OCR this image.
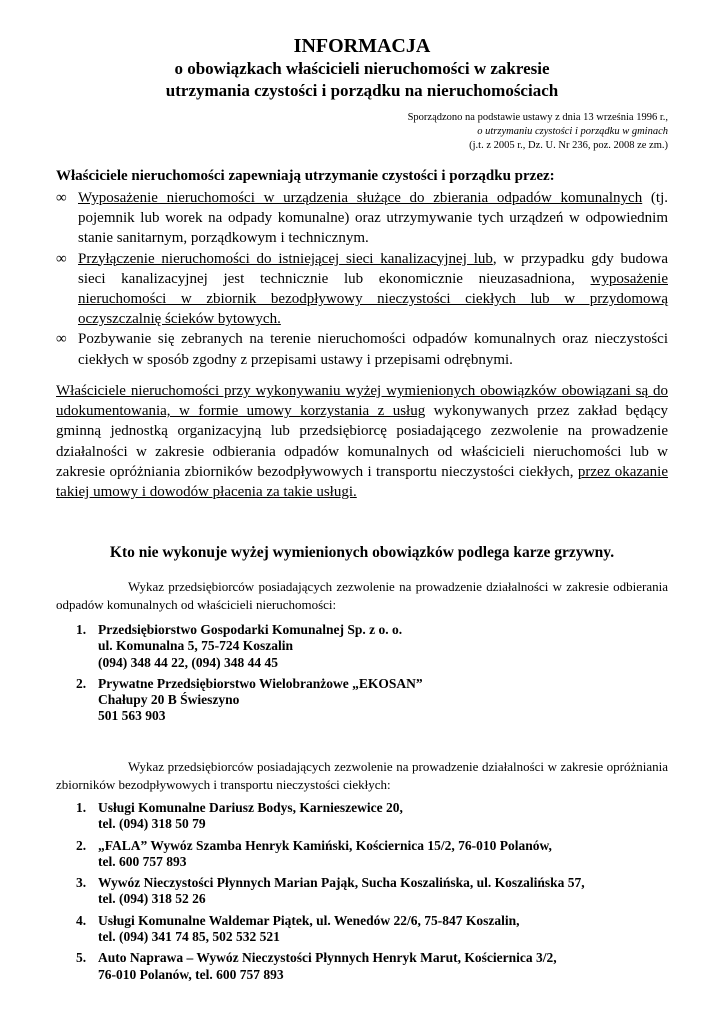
INFORMACJA
o obowiązkach właścicieli nieruchomości w zakresie
utrzymania czystości i porządku na nieruchomościach
Sporządzono na podstawie ustawy z dnia 13 września 1996 r.,
o utrzymaniu czystości i porządku w gminach
(j.t. z 2005 r., Dz. U. Nr 236, poz. 2008 ze zm.)
Właściciele nieruchomości zapewniają utrzymanie czystości i porządku przez:
∞ Wyposażenie nieruchomości w urządzenia służące do zbierania odpadów komunalnych (tj. pojemnik lub worek na odpady komunalne) oraz utrzymywanie tych urządzeń w odpowiednim stanie sanitarnym, porządkowym i technicznym.
∞ Przyłączenie nieruchomości do istniejącej sieci kanalizacyjnej lub, w przypadku gdy budowa sieci kanalizacyjnej jest technicznie lub ekonomicznie nieuzasadniona, wyposażenie nieruchomości w zbiornik bezodpływowy nieczystości ciekłych lub w przydomową oczyszczalnię ścieków bytowych.
∞ Pozbywanie się zebranych na terenie nieruchomości odpadów komunalnych oraz nieczystości ciekłych w sposób zgodny z przepisami ustawy i przepisami odrębnymi.

Właściciele nieruchomości przy wykonywaniu wyżej wymienionych obowiązków obowiązani są do udokumentowania, w formie umowy korzystania z usług wykonywanych przez zakład będący gminną jednostką organizacyjną lub przedsiębiorcę posiadającego zezwolenie na prowadzenie działalności w zakresie odbierania odpadów komunalnych od właścicieli nieruchomości lub w zakresie opróżniania zbiorników bezodpływowych i transportu nieczystości ciekłych, przez okazanie takiej umowy i dowodów płacenia za takie usługi.

Kto nie wykonuje wyżej wymienionych obowiązków podlega karze grzywny.

Wykaz przedsiębiorców posiadających zezwolenie na prowadzenie działalności w zakresie odbierania odpadów komunalnych od właścicieli nieruchomości:

1. Przedsiębiorstwo Gospodarki Komunalnej Sp. z o. o.
ul. Komunalna 5, 75-724 Koszalin
(094) 348 44 22, (094) 348 44 45
2. Prywatne Przedsiębiorstwo Wielobranżowe „EKOSAN”
Chałupy 20 B Świeszyno
501 563 903

Wykaz przedsiębiorców posiadających zezwolenie na prowadzenie działalności w zakresie opróżniania zbiorników bezodpływowych i transportu nieczystości ciekłych:

1. Usługi Komunalne Dariusz Bodys, Karnieszewice 20,
tel. (094) 318 50 79
2. „FALA” Wywóz Szamba Henryk Kamiński, Kościernica 15/2, 76-010 Polanów,
tel. 600 757 893
3. Wywóz Nieczystości Płynnych Marian Pająk, Sucha Koszalińska, ul. Koszalińska 57,
tel. (094) 318 52 26
4. Usługi Komunalne Waldemar Piątek, ul. Wenedów 22/6, 75-847 Koszalin,
tel. (094) 341 74 85, 502 532 521
5. Auto Naprawa – Wywóz Nieczystości Płynnych Henryk Marut, Kościernica 3/2,
76-010 Polanów, tel. 600 757 893
